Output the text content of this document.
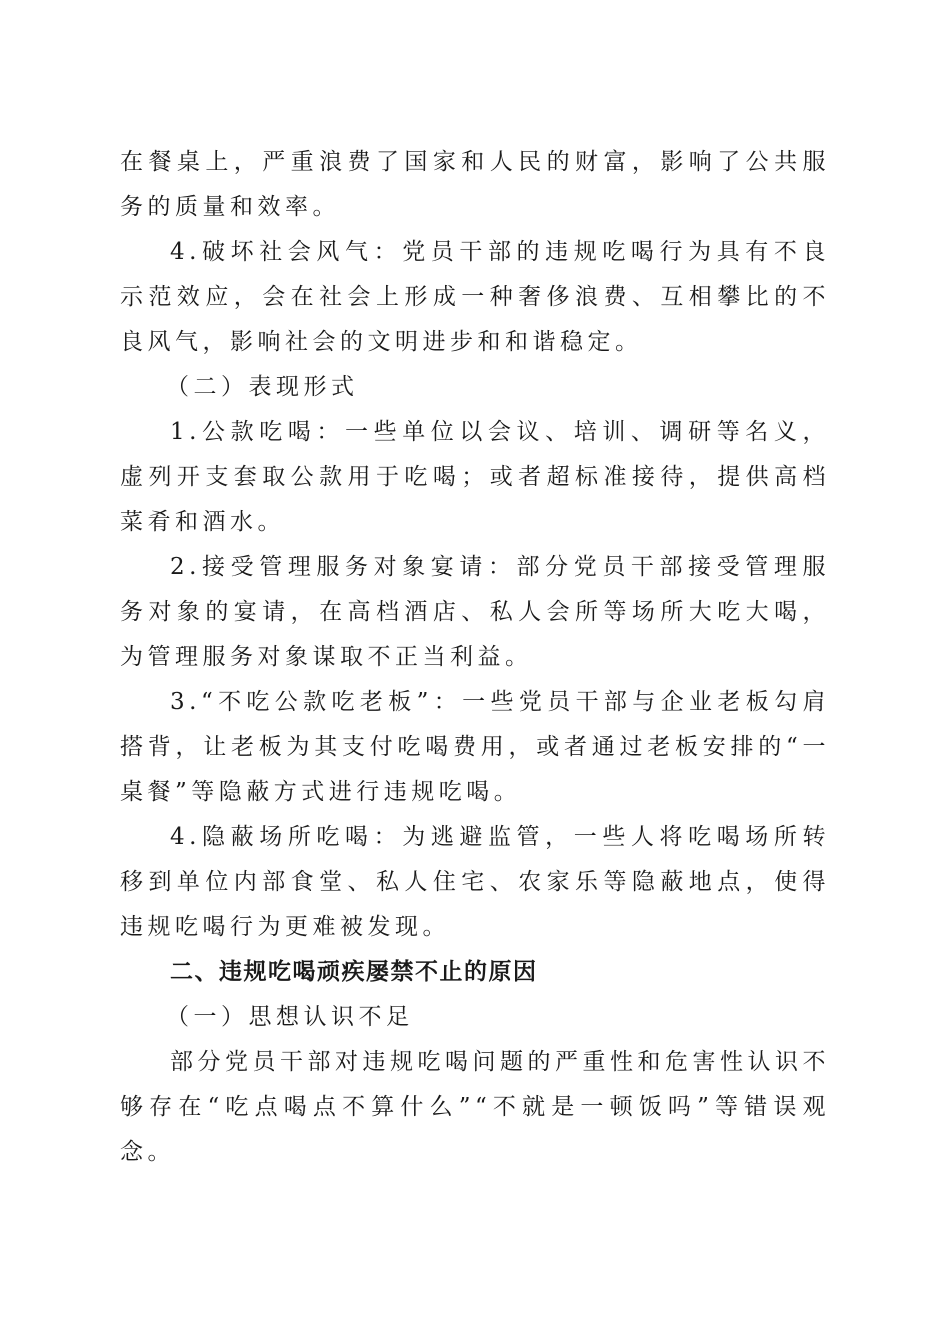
在餐桌上，严重浪费了国家和人民的财富，影响了公共服务的质量和效率。

4.破坏社会风气：党员干部的违规吃喝行为具有不良示范效应，会在社会上形成一种奢侈浪费、互相攀比的不良风气，影响社会的文明进步和和谐稳定。

（二）表现形式

1.公款吃喝：一些单位以会议、培训、调研等名义，虚列开支套取公款用于吃喝；或者超标准接待，提供高档菜肴和酒水。

2.接受管理服务对象宴请：部分党员干部接受管理服务对象的宴请，在高档酒店、私人会所等场所大吃大喝，为管理服务对象谋取不正当利益。

3.“不吃公款吃老板”：一些党员干部与企业老板勾肩搭背，让老板为其支付吃喝费用，或者通过老板安排的“一桌餐”等隐蔽方式进行违规吃喝。

4.隐蔽场所吃喝：为逃避监管，一些人将吃喝场所转移到单位内部食堂、私人住宅、农家乐等隐蔽地点，使得违规吃喝行为更难被发现。

二、违规吃喝顽疾屡禁不止的原因

（一）思想认识不足

部分党员干部对违规吃喝问题的严重性和危害性认识不够存在“吃点喝点不算什么”“不就是一顿饭吗”等错误观念。
